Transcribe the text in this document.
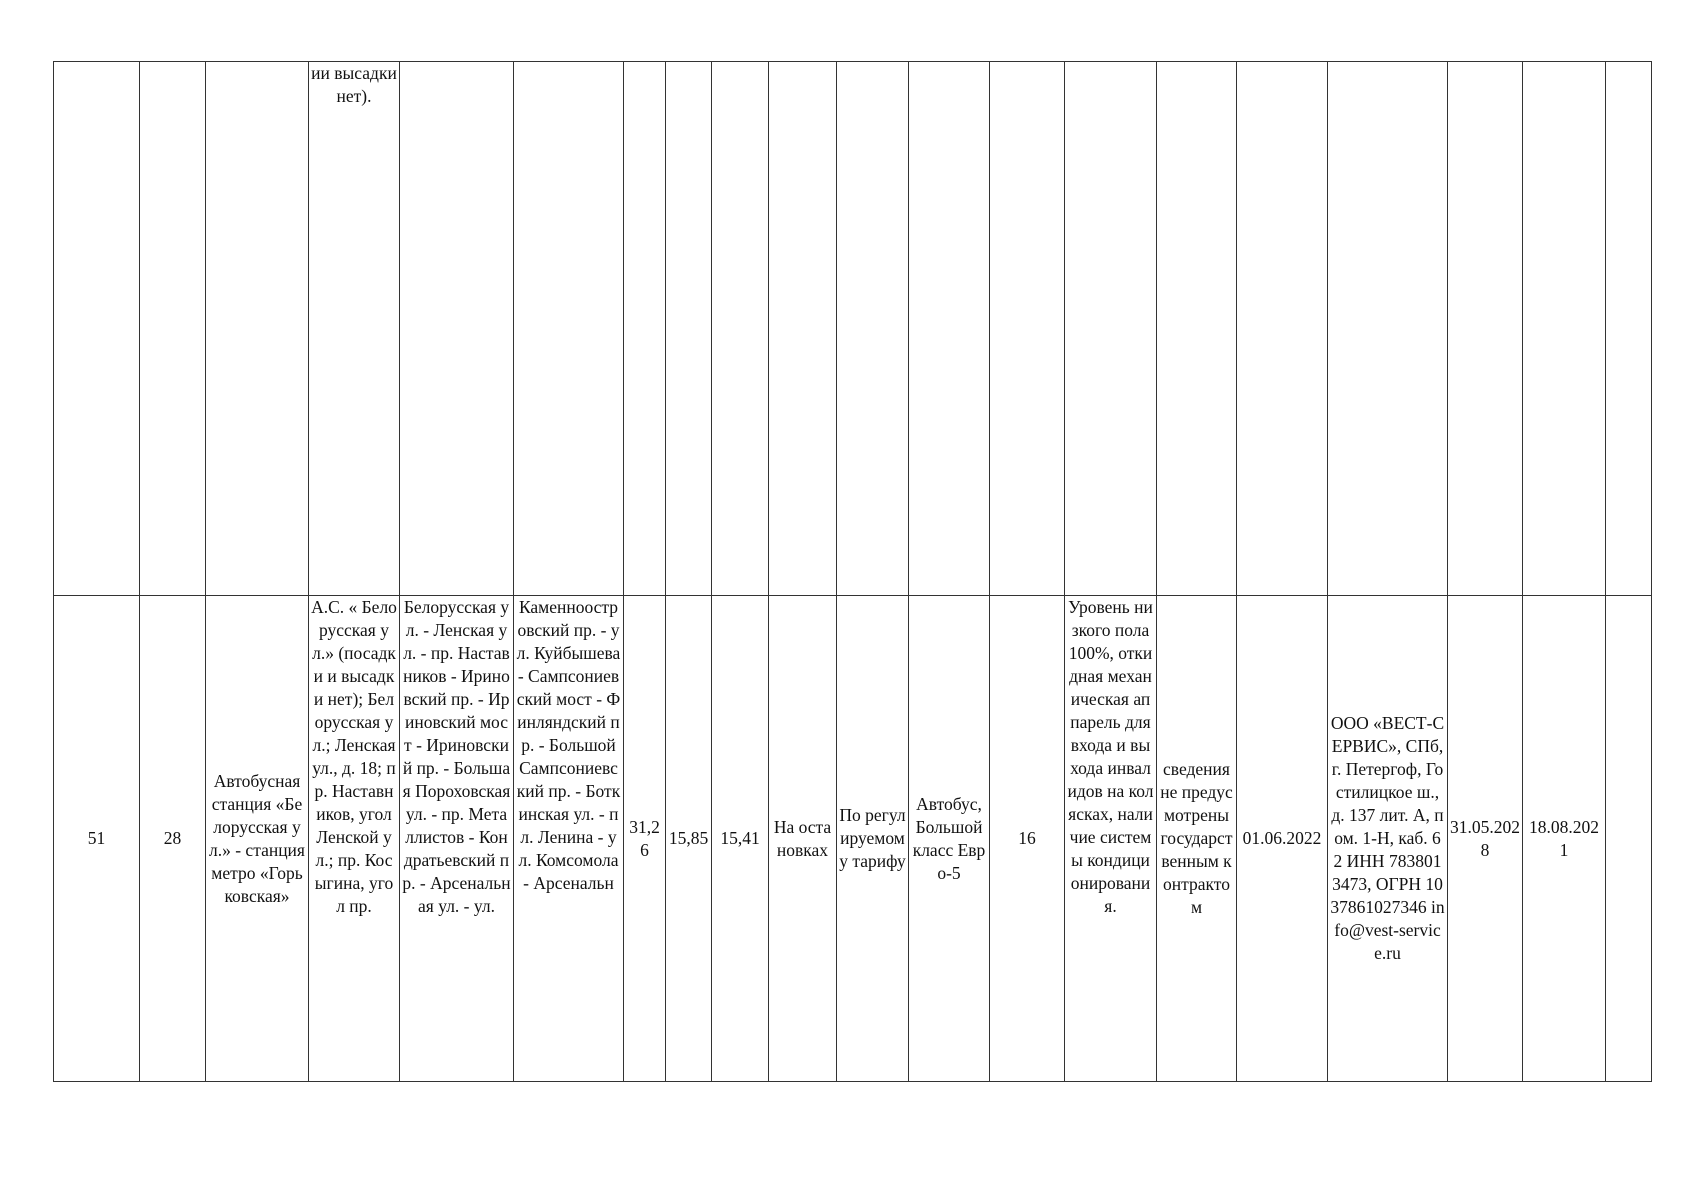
			ии высадки нет).																
51	28	Автобусная станция «Белорусская ул.» - станция метро «Горьковская»	А.С. « Белорусская ул.» (посадки и высадки нет); Белорусская ул.; Ленская ул., д. 18; пр. Наставников, угол Ленской ул.; пр. Косыгина, угол пр.	Белорусская ул. - Ленская ул. - пр. Наставников - Ириновский пр. - Ириновский мост - Ириновский пр. - Большая Пороховская ул. - пр. Металлистов - Кондратьевский пр. - Арсенальная ул. - ул.	Каменноостровский пр. - ул. Куйбышева - Сампсониевский мост - Финляндский пр. - Большой Сампсониевский пр. - Боткинская ул. - пл. Ленина - ул. Комсомола - Арсенальн	31,26	15,85	15,41	На остановках	По регулируемому тарифу	Автобус, Большой класс Евро-5	16	Уровень низкого пола 100%, откидная механическая аппарель для входа и выхода инвалидов на колясках, наличие системы кондиционирования.	сведения не предусмотрены государственным контрактом	01.06.2022	ООО «ВЕСТ-СЕРВИС», СПб, г. Петергоф, Гостилицкое ш., д. 137 лит. А, пом. 1-Н, каб. 62 ИНН 7838013473, ОГРН 1037861027346 info@vest-service.ru	31.05.2028	18.08.2021	
